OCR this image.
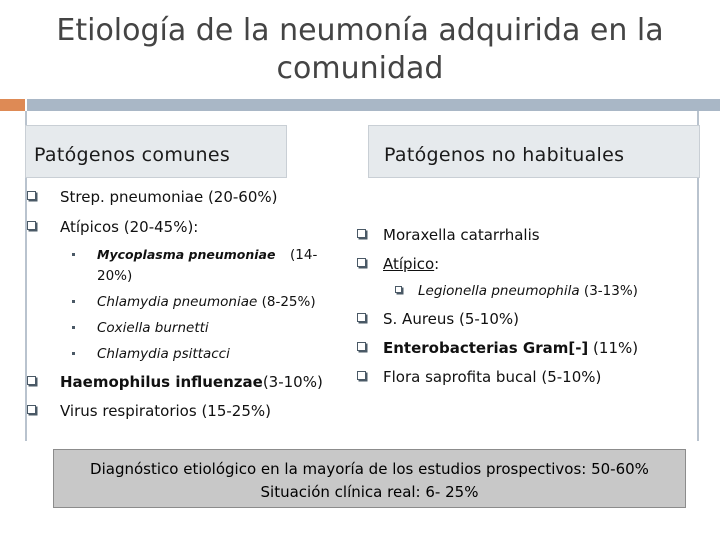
Etiología de la neumonía adquirida en la
comunidad
Patógenos comunes	Patógenos no habituales
Strep. pneumoniae (20-60%)
Atípicos (20-45%):
Mycoplasma pneumoniae (14-
20%)
Chlamydia pneumoniae (8-25%)
Coxiella burnetti
Chlamydia psittacci
Haemophilus influenzae(3-10%)
Virus respiratorios (15-25%)
Moraxella catarrhalis
Atípico:
Legionella pneumophila (3-13%)
S. Aureus (5-10%)
Enterobacterias Gram[-] (11%)
Flora saprofita bucal (5-10%)
Diagnóstico etiológico en la mayoría de los estudios prospectivos: 50-60%
Situación clínica real: 6- 25%
